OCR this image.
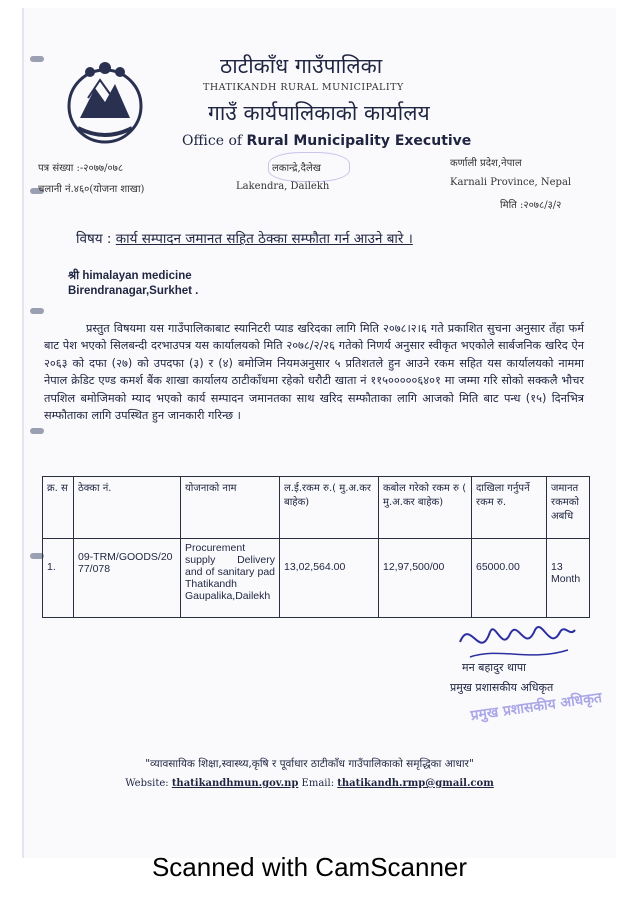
ठाटीकाँध गाउँपालिका
THATIKANDH RURAL MUNICIPALITY
गाउँ कार्यपालिकाको कार्यालय
Office of Rural Municipality Executive
पत्र संख्या :-२०७७/०७८
चलानी नं.४६०(योजना शाखा)
लकान्द्रे,दैलेख
Lakendra, Dailekh
कर्णाली प्रदेश,नेपाल
Karnali Province, Nepal
मिति :२०७८/३/२
विषय : कार्य सम्पादन जमानत सहित ठेक्का सम्फौता गर्न आउने बारे ।
श्री himalayan medicine
Birendranagar,Surkhet .
प्रस्तुत विषयमा यस गाउँपालिकाबाट स्यानिटरी प्याड खरिदका लागि मिति २०७८।२।६ गते प्रकाशित सुचना अनुसार तँहा फर्म बाट पेश भएको सिलबन्दी दरभाउपत्र यस कार्यालयको मिति २०७८/२/२६ गतेको निणर्य अनुसार स्वीकृत भएकोले सार्बजनिक खरिद ऐन २०६३ को दफा (२७) को उपदफा (३) र (४) बमोजिम नियमअनुसार ५ प्रतिशतले हुन आउने रकम सहित यस कार्यालयको नाममा नेपाल क्रेडिट एण्ड कमर्श बैंक शाखा कार्यालय ठाटीकाँधमा रहेको धरौटी खाता नं ११५०००००६४०१ मा जम्मा गरि सोको सक्कलै भौचर तपशिल बमोजिमको म्याद भएको कार्य सम्पादन जमानतका साथ खरिद सम्फौताका लागि आजको मिति बाट पन्ध (१५) दिनभित्र सम्फौताका लागि उपस्थित हुन जानकारी गरिन्छ ।
क्र. स	ठेक्का नं.	योजनाको नाम	ल.ई.रकम रु.( मु.अ.कर बाहेक)	कबोल गरेको रकम रु ( मु.अ.कर बाहेक)	दाखिला गर्नुपर्ने रकम रु.	जमानत रकमको अबधि
1.	09-TRM/GOODS/2077/078	Procurement supply Delivery and of sanitary pad Thatikandh Gaupalika,Dailekh	13,02,564.00	12,97,500/00	65000.00	13 Month
मन बहादुर थापा
प्रमुख प्रशासकीय अधिकृत
प्रमुख प्रशासकीय अधिकृत
"व्यावसायिक शिक्षा,स्वास्थ्य,कृषि र पूर्वाधार ठाटीकाँध गाउँपालिकाको समृद्धिका आधार"
Website: thatikandhmun.gov.np Email: thatikandh.rmp@gmail.com
Scanned with CamScanner
